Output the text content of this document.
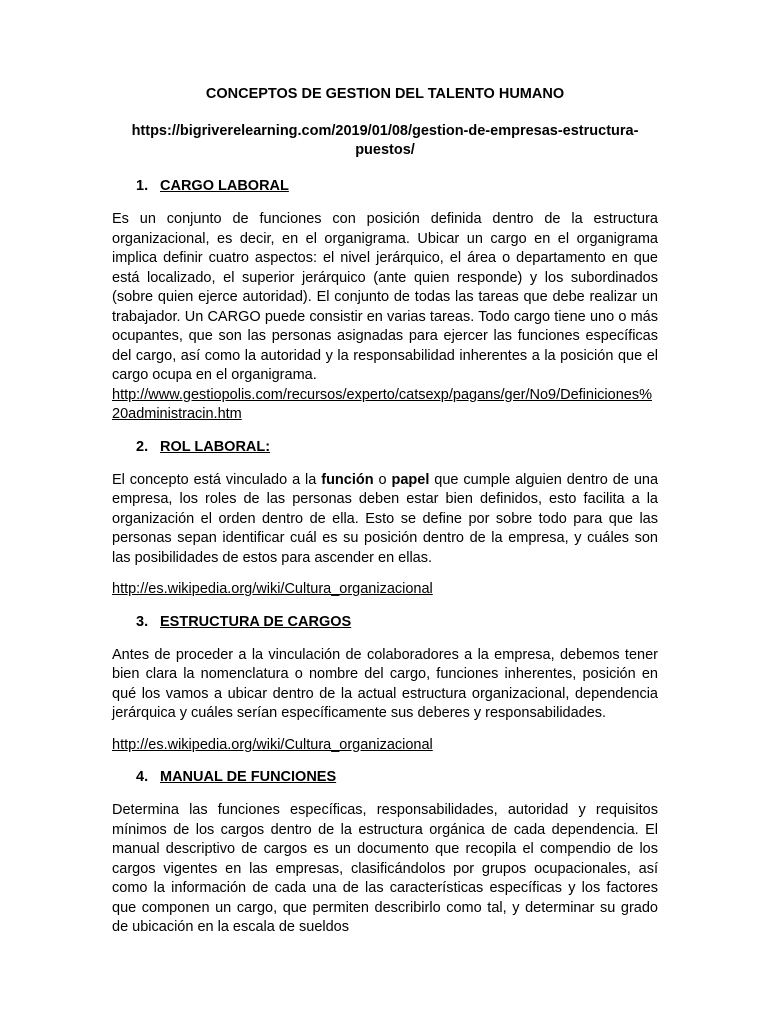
CONCEPTOS DE GESTION DEL TALENTO HUMANO
https://bigriverelearning.com/2019/01/08/gestion-de-empresas-estructura-puestos/
1. CARGO LABORAL
Es un conjunto de funciones con posición definida dentro de la estructura organizacional, es decir, en el organigrama. Ubicar un cargo en el organigrama implica definir cuatro aspectos: el nivel jerárquico, el área o departamento en que está localizado, el superior jerárquico (ante quien responde) y los subordinados (sobre quien ejerce autoridad). El conjunto de todas las tareas que debe realizar un trabajador. Un CARGO puede consistir en varias tareas. Todo cargo tiene uno o más ocupantes, que son las personas asignadas para ejercer las funciones específicas del cargo, así como la autoridad y la responsabilidad inherentes a la posición que el cargo ocupa en el organigrama.
http://www.gestiopolis.com/recursos/experto/catsexp/pagans/ger/No9/Definiciones%20administracin.htm
2. ROL LABORAL:
El concepto está vinculado a la función o papel que cumple alguien dentro de una empresa, los roles de las personas deben estar bien definidos, esto facilita a la organización el orden dentro de ella. Esto se define por sobre todo para que las personas sepan identificar cuál es su posición dentro de la empresa, y cuáles son las posibilidades de estos para ascender en ellas.
http://es.wikipedia.org/wiki/Cultura_organizacional
3. ESTRUCTURA DE CARGOS
Antes de proceder a la vinculación de colaboradores a la empresa, debemos tener bien clara la nomenclatura o nombre del cargo, funciones inherentes, posición en qué los vamos a ubicar dentro de la actual estructura organizacional, dependencia jerárquica y cuáles serían específicamente sus deberes y responsabilidades.
http://es.wikipedia.org/wiki/Cultura_organizacional
4. MANUAL DE FUNCIONES
Determina las funciones específicas, responsabilidades, autoridad y requisitos mínimos de los cargos dentro de la estructura orgánica de cada dependencia. El manual descriptivo de cargos es un documento que recopila el compendio de los cargos vigentes en las empresas, clasificándolos por grupos ocupacionales, así como la información de cada una de las características específicas y los factores que componen un cargo, que permiten describirlo como tal, y determinar su grado de ubicación en la escala de sueldos
